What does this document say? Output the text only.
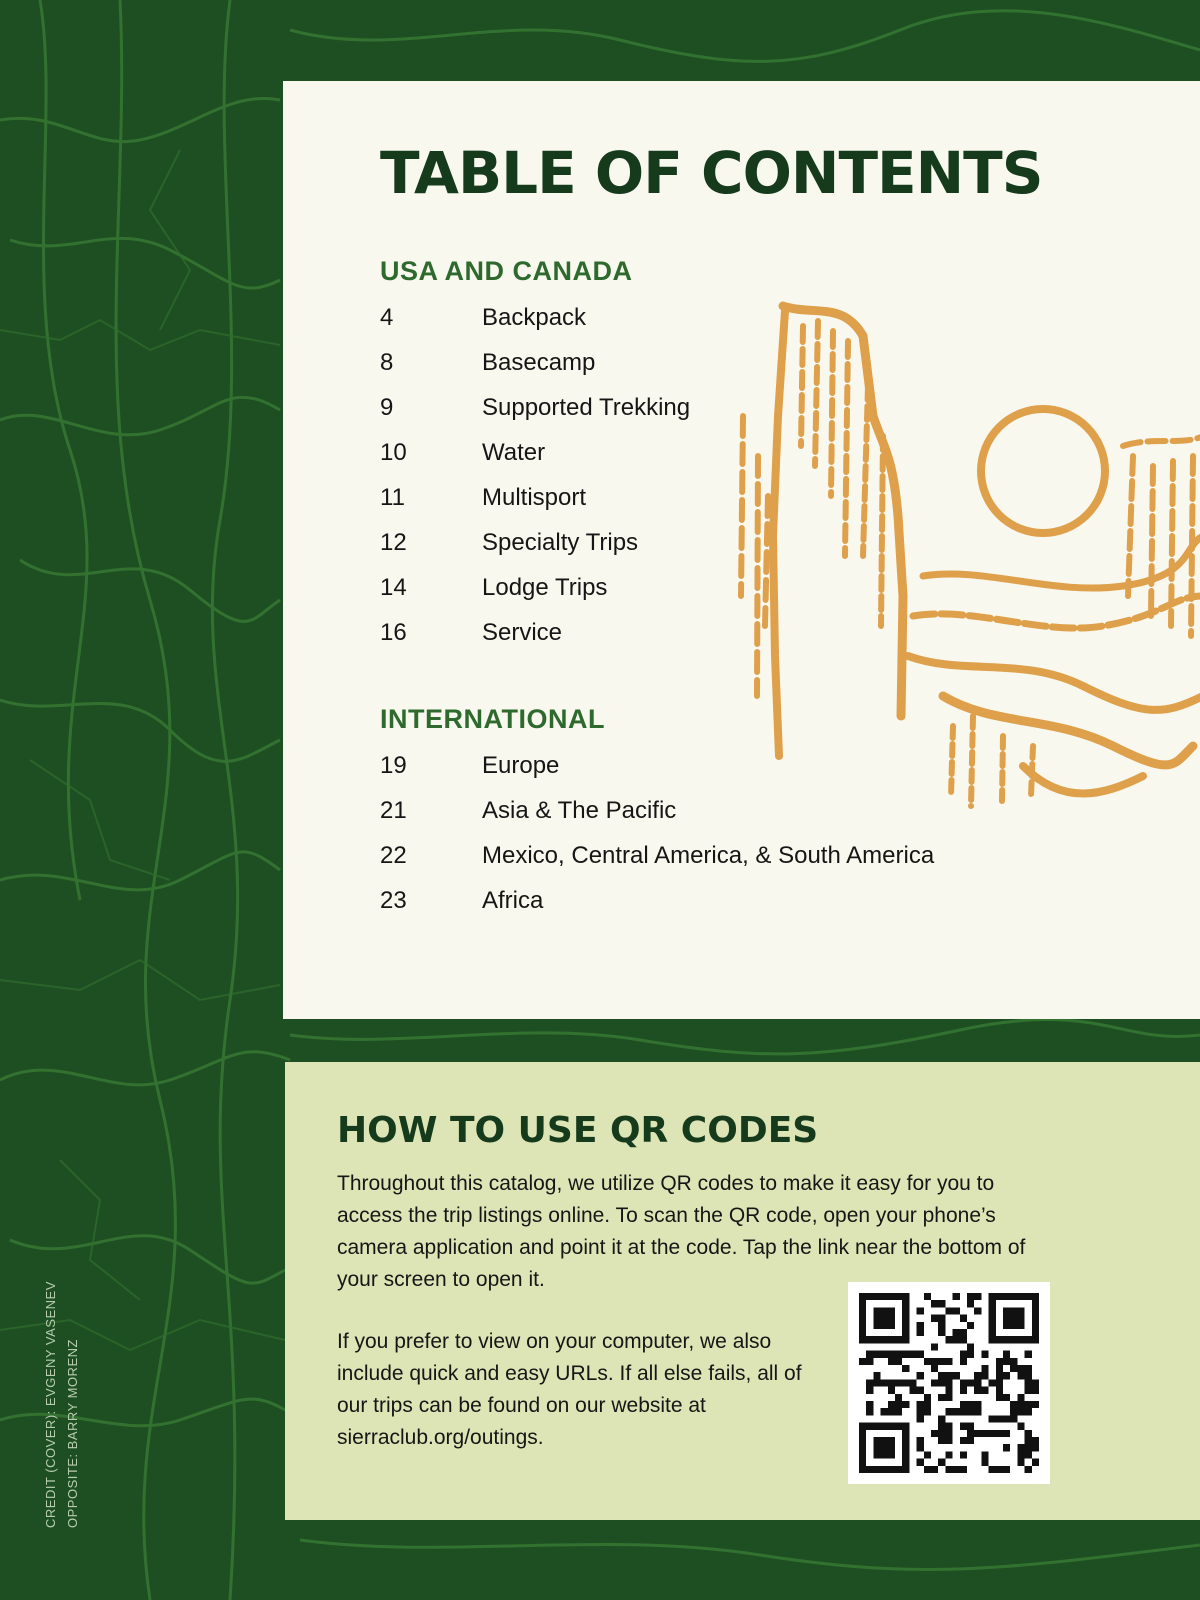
TABLE OF CONTENTS
USA AND CANADA
4	Backpack
8	Basecamp
9	Supported Trekking
10	Water
11	Multisport
12	Specialty Trips
14	Lodge Trips
16	Service
INTERNATIONAL
19	Europe
21	Asia & The Pacific
22	Mexico, Central America, & South America
23	Africa
HOW TO USE QR CODES

Throughout this catalog, we utilize QR codes to make it easy for you to access the trip listings online. To scan the QR code, open your phone’s camera application and point it at the code. Tap the link near the bottom of your screen to open it.

If you prefer to view on your computer, we also include quick and easy URLs. If all else fails, all of our trips can be found on our website at sierraclub.org/outings.

CREDIT (COVER): EVGENY VASENEV OPPOSITE: BARRY MORENZ
